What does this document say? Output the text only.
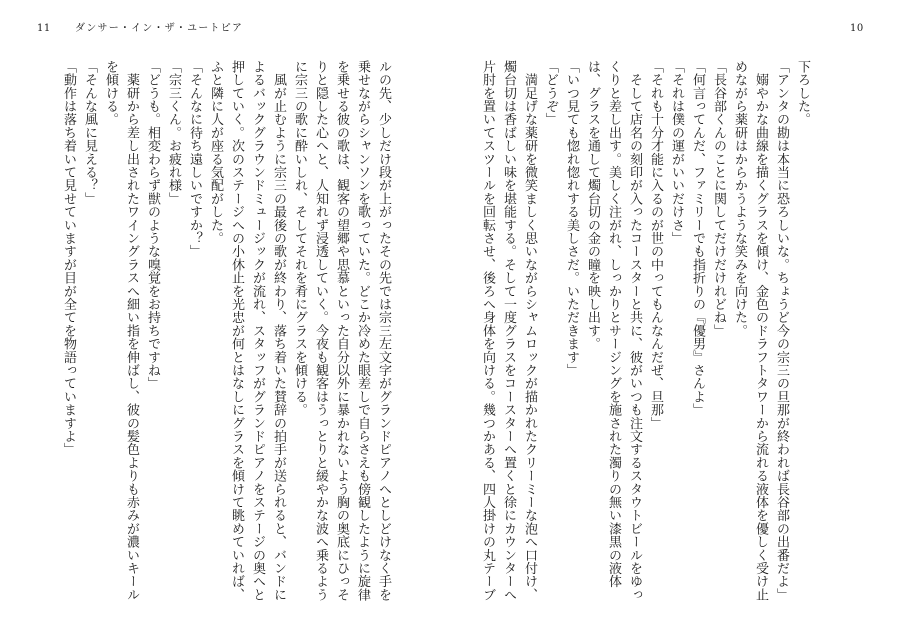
11 ダンサー・イン・ザ・ユートピア
ルの先、少しだけ段が上がったその先では宗三左文字がグランドピアノへとしどけなく手を
乗せながらシャンソンを歌っていた。どこか冷めた眼差しで自らさえも傍観したように旋律
を乗せる彼の歌は、観客の望郷や思慕といった自分以外に暴かれないよう胸の奥底にひっそ
りと隠した心へと、人知れず浸透していく。今夜も観客はうっとりと緩やかな波へ乗るよう
に宗三の歌に酔いしれ、そしてそれを肴にグラスを傾ける。
　風が止むように宗三の最後の歌が終わり、落ち着いた賛辞の拍手が送られると、バンドに
よるバックグラウンドミュージックが流れ、スタッフがグランドピアノをステージの奥へと
押していく。次のステージへの小休止を光忠が何とはなしにグラスを傾けて眺めていれば、
ふと隣に人が座る気配がした。
「そんなに待ち遠しいですか？」
「宗三くん。お疲れ様」
「どうも。相変わらず獣のような嗅覚をお持ちですね」
　薬研から差し出されたワイングラスへ細い指を伸ばし、彼の髪色よりも赤みが濃いキール
を傾ける。
「そんな風に見える？」
「動作は落ち着いて見せていますが目が全てを物語っていますよ」
10
下ろした。
「アンタの勘は本当に恐ろしいな。ちょうど今の宗三の旦那が終われば長谷部の出番だよ」
　嫋やかな曲線を描くグラスを傾け、金色のドラフトタワーから流れる液体を優しく受け止
めながら薬研はからかうような笑みを向けた。
「長谷部くんのことに関してだけだけれどね」
「何言ってんだ、ファミリーでも指折りの『優男』さんよ」
「それは僕の運がいいだけさ」
「それも十分才能に入るのが世の中ってもんなんだぜ、旦那」
　そして店名の刻印が入ったコースターと共に、彼がいつも注文するスタウトビールをゆっ
くりと差し出す。美しく注がれ、しっかりとサージングを施された濁りの無い漆黒の液体
は、グラスを通して燭台切の金の瞳を映し出す。
「いつ見ても惚れ惚れする美しさだ。いただきます」
「どうぞ」
　満足げな薬研を微笑ましく思いながらシャムロックが描かれたクリーミーな泡へ口付け、
燭台切は香ばしい味を堪能する。そして一度グラスをコースターへ置くと徐にカウンターへ
片肘を置いてスツールを回転させ、後ろへ身体を向ける。幾つかある、四人掛けの丸テーブ
